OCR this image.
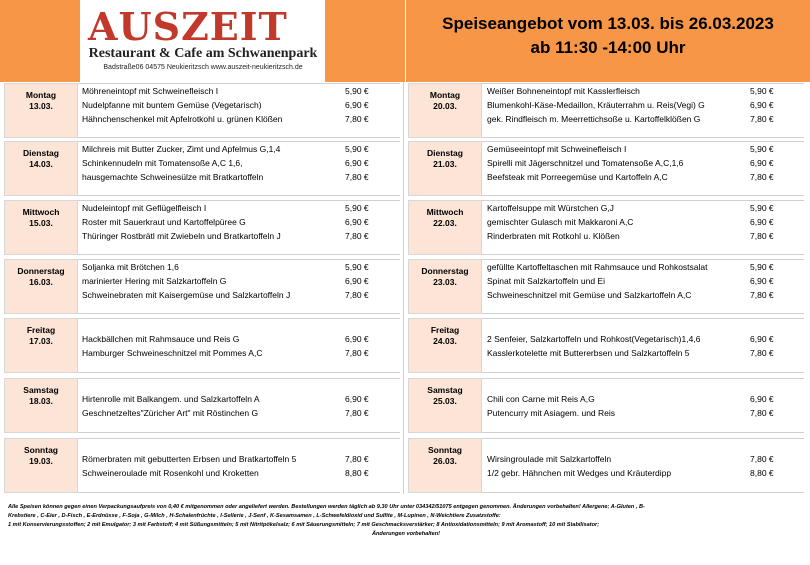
AUSZEIT
Restaurant & Cafe am Schwanenpark
Badstraße06 04575 Neukieritzsch www.auszeit-neukieritzsch.de
Speiseangebot vom 13.03. bis 26.03.2023
ab 11:30 -14:00 Uhr
Montag
13.03.
Möhreneintopf mit Schweinefleisch I	5,90 €
Nudelpfanne mit buntem Gemüse (Vegetarisch)	6,90 €
Hähnchenschenkel mit Apfelrotkohl u. grünen Klößen	7,80 €
Dienstag
14.03.
Milchreis mit Butter Zucker, Zimt und Apfelmus G,1,4	5,90 €
Schinkennudeln mit Tomatensoße A,C 1,6,	6,90 €
hausgemachte Schweinesülze mit Bratkartoffeln	7,80 €
Mittwoch
15.03.
Nudeleintopf mit Geflügelfleisch I	5,90 €
Roster mit Sauerkraut und Kartoffelpüree G	6,90 €
Thüringer Rostbrätl mit Zwiebeln und Bratkartoffeln J	7,80 €
Donnerstag
16.03.
Soljanka mit Brötchen 1,6	5,90 €
marinierter Hering mit Salzkartoffeln G	6,90 €
Schweinebraten mit Kaisergemüse und Salzkartoffeln J	7,80 €
Freitag
17.03.	Hackbällchen mit Rahmsauce und Reis G	6,90 €
Hamburger Schweineschnitzel mit Pommes A,C	7,80 €
Samstag
18.03.	Hirtenrolle mit Balkangem. und Salzkartoffeln A	6,90 €
Geschnetzeltes"Züricher Art" mit Röstinchen G	7,80 €
Sonntag
19.03.	Römerbraten mit gebutterten Erbsen und Bratkartoffeln 5	7,80 €
Schweineroulade mit Rosenkohl und Kroketten	8,80 €
Montag
20.03.
Weißer Bohneneintopf mit Kasslerfleisch	5,90 €
Blumenkohl-Käse-Medaillon, Kräuterrahm u. Reis(Vegi) G	6,90 €
gek. Rindfleisch m. Meerrettichsoße u. Kartoffelklößen G	7,80 €
Dienstag
21.03.
Gemüseeintopf mit Schweinefleisch I	5,90 €
Spirelli mit Jägerschnitzel und Tomatensoße A,C,1,6	6,90 €
Beefsteak mit Porreegemüse und Kartoffeln A,C	7,80 €
Mittwoch
22.03.
Kartoffelsuppe mit Würstchen G,J	5,90 €
gemischter Gulasch mit Makkaroni A,C	6,90 €
Rinderbraten mit Rotkohl u. Klößen	7,80 €
Donnerstag
23.03.
gefüllte Kartoffeltaschen mit Rahmsauce und Rohkostsalat	5,90 €
Spinat mit Salzkartoffeln und Ei	6,90 €
Schweineschnitzel mit Gemüse und Salzkartoffeln A,C	7,80 €
Freitag
24.03.	2 Senfeier, Salzkartoffeln und Rohkost(Vegetarisch)1,4,6	6,90 €
Kasslerkotelette mit Buttererbsen und Salzkartoffeln 5	7,80 €
Samstag
25.03.	Chili con Carne mit Reis A,G	6,90 €
Putencurry mit Asiagem. und Reis	7,80 €
Sonntag
26.03.	Wirsingroulade mit Salzkartoffeln	7,80 €
1/2 gebr. Hähnchen mit Wedges und Kräuterdipp	8,80 €
Alle Speisen können gegen einen Verpackungsaufpreis von 0,40 € mitgenommen oder angeliefert werden. Bestellungen werden täglich ab 9.30 Uhr unter 034342/51075 entgegen genommen. Änderungen vorbehalten! Allergene; A-Gluten , B-
Krebstiere , C-Eier , D-Fisch , E-Erdnüsse , F-Soja , G-Milch , H-Schalenfrüchte , I-Sellerie , J-Senf , K-Sesamsamen , L-Schwefeldioxid und Sulfite , M-Lupinen , N-Weichtiere Zusatzstoffe:
1 mit Konservierungsstoffen; 2 mit Emulgator; 3 mit Farbstoff; 4 mit Süßungsmitteln; 5 mit Nitritpökelsalz; 6 mit Säuerungsmitteln; 7 mit Geschmacksverstärker; 8 Antioxidationsmitteln; 9 mit Aromastoff; 10 mit Stabilisator;
Änderungen vorbehalten!
